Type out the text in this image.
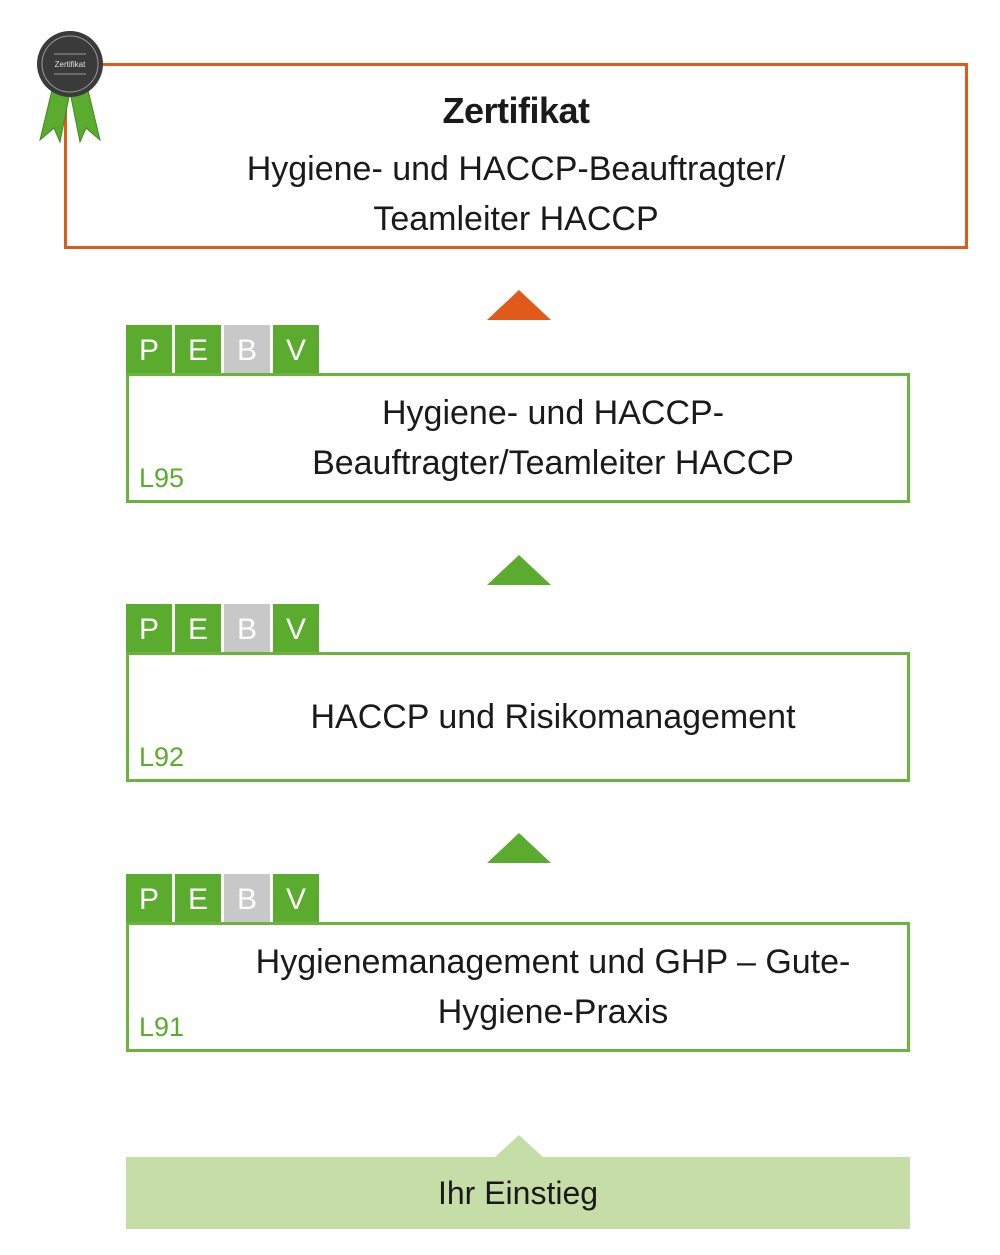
Zertifikat
Hygiene- und HACCP-Beauftragter/ Teamleiter HACCP
Zertifikat
P E B V
Hygiene- und HACCP-Beauftragter/Teamleiter HACCP
L95
P E B V
HACCP und Risikomanagement
L92
P E B V
Hygienemanagement und GHP – Gute-Hygiene-Praxis
L91
Ihr Einstieg
